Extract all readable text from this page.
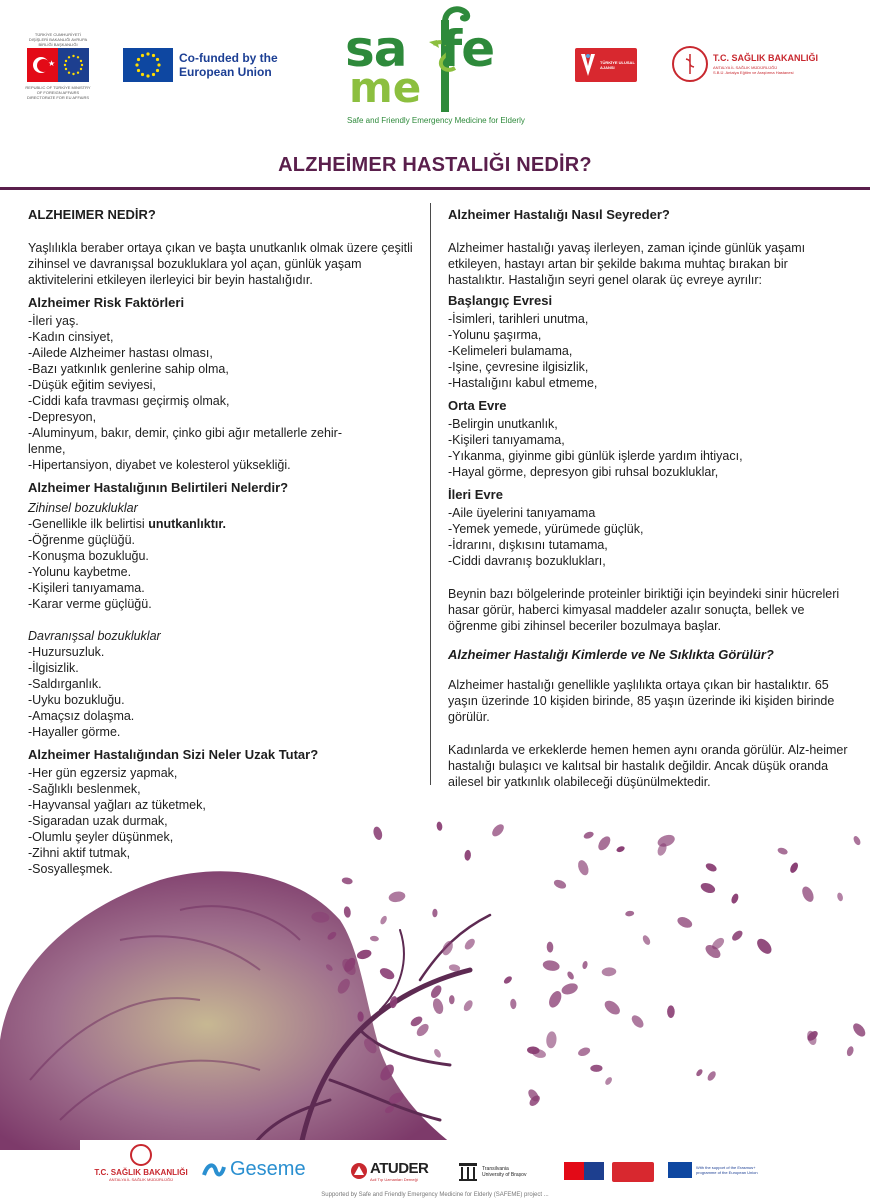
TÜRKİYE CUMHURİYETİ DIŞİŞLERİ BAKANLIĞI AVRUPA BİRLİĞİ BAŞKANLIĞI
★
REPUBLIC OF TÜRKİYE MINISTRY OF FOREIGN AFFAIRS DIRECTORATE FOR EU AFFAIRS
Co-funded by the European Union	sa fe
me
Safe and Friendly Emergency Medicine for Elderly
TÜRKİYE ULUSAL AJANSI
T.C. SAĞLIK BAKANLIĞI
ANTALYA İL SAĞLIK MÜDÜRLÜĞÜ
S.B.Ü. Antalya Eğitim ve Araştırma Hastanesi
ALZHEİMER HASTALIĞI NEDİR?
ALZHEIMER NEDİR?
Yaşlılıkla beraber ortaya çıkan ve başta unutkanlık olmak üzere çeşitli zihinsel ve davranışsal bozukluklara yol açan, günlük yaşam aktivitelerini etkileyen ilerleyici bir beyin hastalığıdır.
Alzheimer Risk Faktörleri
-İleri yaş.
-Kadın cinsiyet,
-Ailede Alzheimer hastası olması,
-Bazı yatkınlık genlerine sahip olma,
-Düşük eğitim seviyesi,
-Ciddi kafa travması geçirmiş olmak,
-Depresyon,
-Aluminyum, bakır, demir, çinko gibi ağır metallerle zehir-lenme,
-Hipertansiyon, diyabet ve kolesterol yüksekliği.
Alzheimer Hastalığının Belirtileri Nelerdir?
Zihinsel bozukluklar
-Genellikle ilk belirtisi unutkanlıktır.
-Öğrenme güçlüğü.
-Konuşma bozukluğu.
-Yolunu kaybetme.
-Kişileri tanıyamama.
-Karar verme güçlüğü.
Davranışsal bozukluklar
-Huzursuzluk.
-İlgisizlik.
-Saldırganlık.
-Uyku bozukluğu.
-Amaçsız dolaşma.
-Hayaller görme.
Alzheimer Hastalığından Sizi Neler Uzak Tutar?
-Her gün egzersiz yapmak,
-Sağlıklı beslenmek,
-Hayvansal yağları az tüketmek,
-Sigaradan uzak durmak,
-Olumlu şeyler düşünmek,
-Zihni aktif tutmak,
-Sosyalleşmek.
Alzheimer Hastalığı Nasıl Seyreder?
Alzheimer hastalığı yavaş ilerleyen, zaman içinde günlük yaşamı etkileyen, hastayı artan bir şekilde bakıma muhtaç bırakan bir hastalıktır. Hastalığın seyri genel olarak üç evreye ayrılır:
Başlangıç Evresi
-İsimleri, tarihleri unutma,
-Yolunu şaşırma,
-Kelimeleri bulamama,
-Işine, çevresine ilgisizlik,
-Hastalığını kabul etmeme,
Orta Evre
-Belirgin unutkanlık,
-Kişileri tanıyamama,
-Yıkanma, giyinme gibi günlük işlerde yardım ihtiyacı,
-Hayal görme, depresyon gibi ruhsal bozukluklar,
İleri Evre
-Aile üyelerini tanıyamama
-Yemek yemede, yürümede güçlük,
-İdrarını, dışkısını tutamama,
-Ciddi davranış bozuklukları,
Beynin bazı bölgelerinde proteinler biriktiği için beyindeki sinir hücreleri hasar görür, haberci kimyasal maddeler azalır sonuçta, bellek ve öğrenme gibi zihinsel beceriler bozulmaya başlar.
Alzheimer Hastalığı Kimlerde ve Ne Sıklıkta Görülür?
Alzheimer hastalığı genellikle yaşlılıkta ortaya çıkan bir hastalıktır. 65 yaşın üzerinde 10 kişiden birinde, 85 yaşın üzerinde iki kişiden birinde görülür.
Kadınlarda ve erkeklerde hemen hemen aynı oranda görülür. Alz-heimer hastalığı bulaşıcı ve kalıtsal bir hastalık değildir. Ancak düşük oranda ailesel bir yatkınlık olabileceği düşünülmektedir.
T.C. SAĞLIK BAKANLIĞI
ANTALYA İL SAĞLIK MÜDÜRLÜĞÜ	Geseme	ATUDER
Acil Tıp Uzmanları Derneği
Transilvania University of Brașov
With the support of the Erasmus+ programme of the European Union
Supported by Safe and Friendly Emergency Medicine for Elderly (SAFEME) project ...
